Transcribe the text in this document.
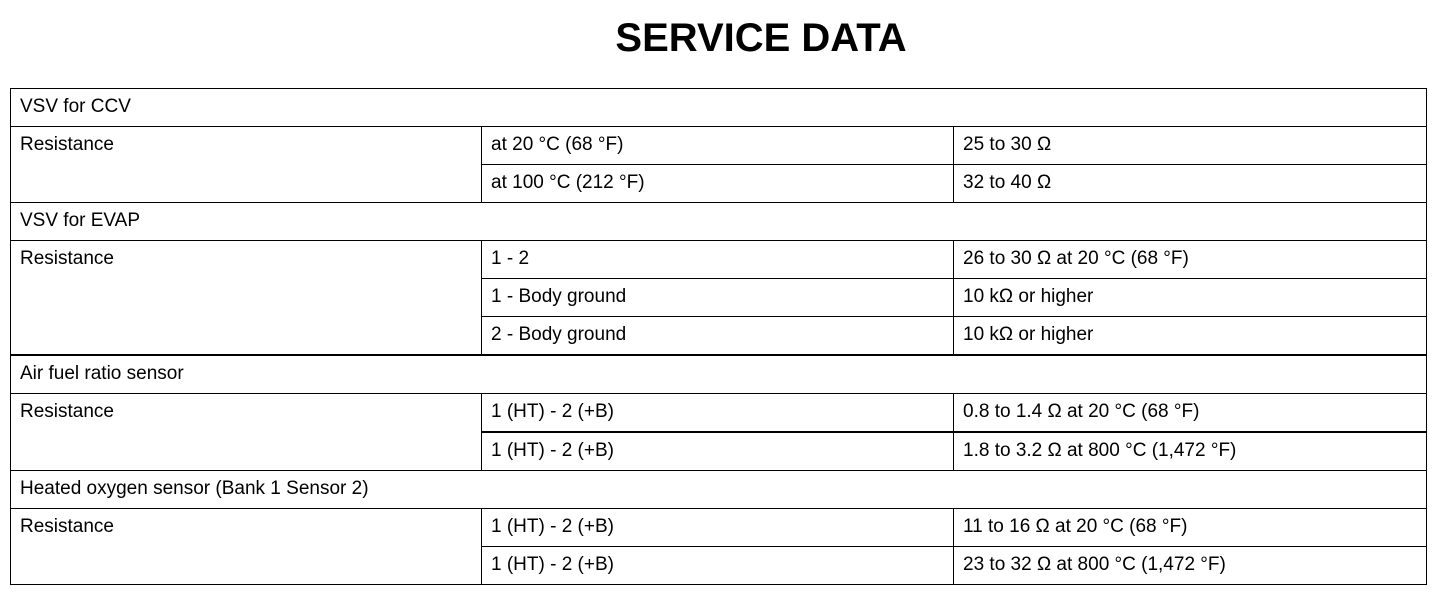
SERVICE DATA
VSV for CCV		
Resistance	at 20 °C (68 °F)	25 to 30 Ω
	at 100 °C (212 °F)	32 to 40 Ω
VSV for EVAP		
Resistance	1 - 2	26 to 30 Ω at 20 °C (68 °F)
	1 - Body ground	10 kΩ or higher
	2 - Body ground	10 kΩ or higher
Air fuel ratio sensor		
Resistance	1 (HT) - 2 (+B)	0.8 to 1.4 Ω at 20 °C (68 °F)
	1 (HT) - 2 (+B)	1.8 to 3.2 Ω at 800 °C (1,472 °F)
Heated oxygen sensor (Bank 1 Sensor 2)		
Resistance	1 (HT) - 2 (+B)	11 to 16 Ω at 20 °C (68 °F)
	1 (HT) - 2 (+B)	23 to 32 Ω at 800 °C (1,472 °F)
